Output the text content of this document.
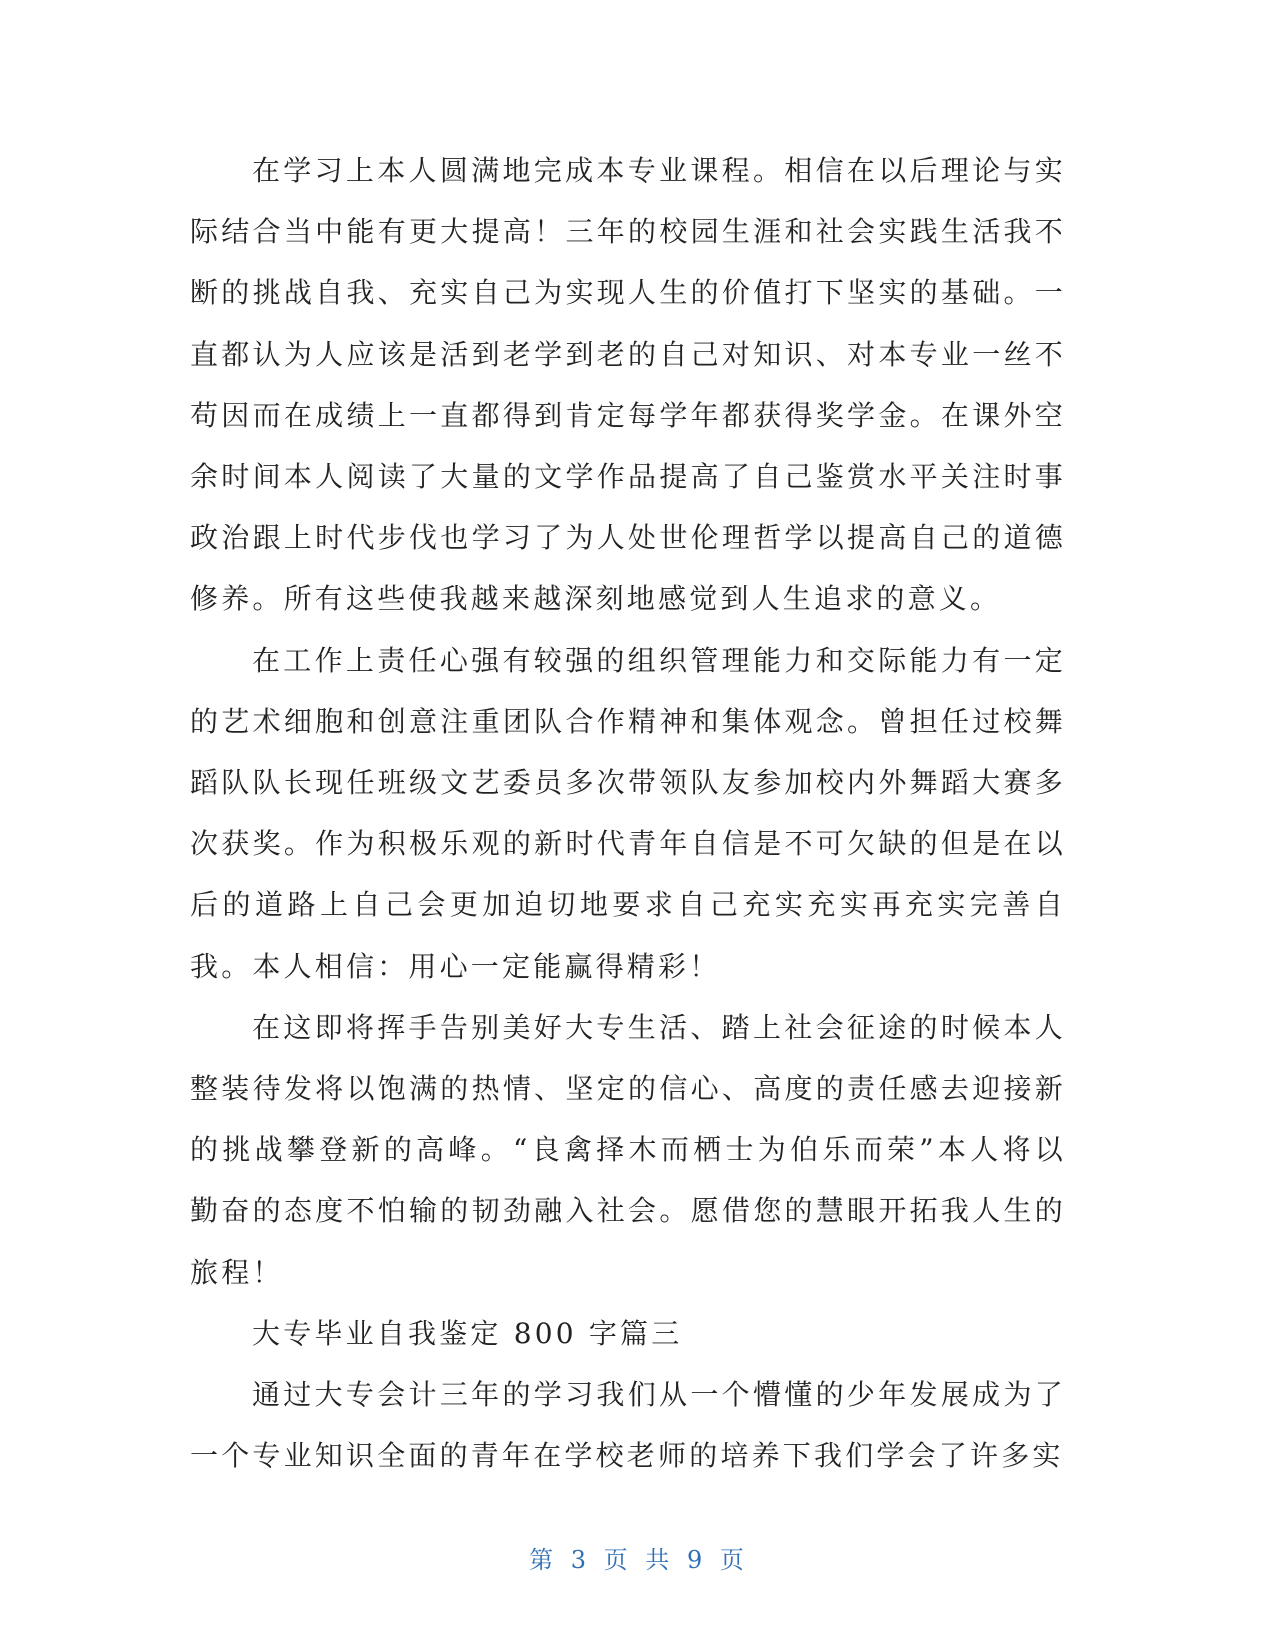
在学习上本人圆满地完成本专业课程。相信在以后理论与实际结合当中能有更大提高！三年的校园生涯和社会实践生活我不断的挑战自我、充实自己为实现人生的价值打下坚实的基础。一直都认为人应该是活到老学到老的自己对知识、对本专业一丝不苟因而在成绩上一直都得到肯定每学年都获得奖学金。在课外空余时间本人阅读了大量的文学作品提高了自己鉴赏水平关注时事政治跟上时代步伐也学习了为人处世伦理哲学以提高自己的道德修养。所有这些使我越来越深刻地感觉到人生追求的意义。

在工作上责任心强有较强的组织管理能力和交际能力有一定的艺术细胞和创意注重团队合作精神和集体观念。曾担任过校舞蹈队队长现任班级文艺委员多次带领队友参加校内外舞蹈大赛多次获奖。作为积极乐观的新时代青年自信是不可欠缺的但是在以后的道路上自己会更加迫切地要求自己充实充实再充实完善自我。本人相信：用心一定能赢得精彩！

在这即将挥手告别美好大专生活、踏上社会征途的时候本人整装待发将以饱满的热情、坚定的信心、高度的责任感去迎接新的挑战攀登新的高峰。“良禽择木而栖士为伯乐而荣”本人将以勤奋的态度不怕输的韧劲融入社会。愿借您的慧眼开拓我人生的旅程！

大专毕业自我鉴定 800 字篇三

通过大专会计三年的学习我们从一个懵懂的少年发展成为了一个专业知识全面的青年在学校老师的培养下我们学会了许多实

第 3 页 共 9 页
